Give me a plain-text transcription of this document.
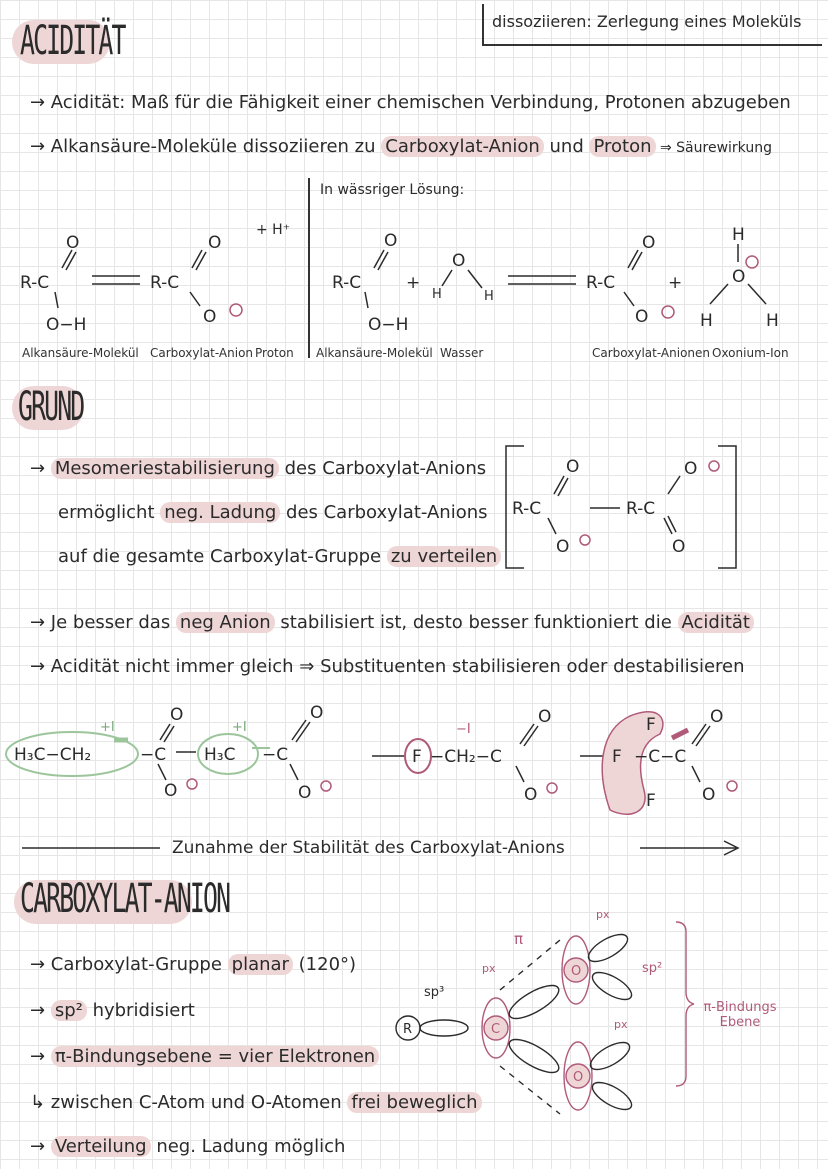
dissoziieren: Zerlegung eines Moleküls
ACIDITÄT
→ Acidität: Maß für die Fähigkeit einer chemischen Verbindung, Protonen abzugeben
→ Alkansäure-Moleküle dissoziieren zu Carboxylat-Anion und Proton ⇒ Säurewirkung
In wässriger Lösung:
R-C
O
O−H
R-C
O
O
R-C
O
+
O−H
H
O
H
R-C
O
O
+
H
O
H	H
+ H⁺
Alkansäure-Molekül Carboxylat-Anion Proton Alkansäure-Molekül Wasser	Carboxylat-Anionen Oxonium-Ion
GRUND
→ Mesomeriestabilisierung des Carboxylat-Anions
ermöglicht neg. Ladung des Carboxylat-Anions
auf die gesamte Carboxylat-Gruppe zu verteilen
R-C
O
O
R-C
O
O
→ Je besser das neg Anion stabilisiert ist, desto besser funktioniert die Acidität
→ Acidität nicht immer gleich ⇒ Substituenten stabilisieren oder destabilisieren
H₃C−CH₂	−C
O
O
H₃C −C
O
O
F −CH₂−C
O
O
F
F
F
−C−C
O
O
+I	+I	−I
Zunahme der Stabilität des Carboxylat-Anions
CARBOXYLAT-ANION
→ Carboxylat-Gruppe planar (120°)
→ sp² hybridisiert
→ π-Bindungsebene = vier Elektronen
↳ zwischen C-Atom und O-Atomen frei beweglich
→ Verteilung neg. Ladung möglich
R	C
O
O
sp³
px
px
px
π
sp²
π-Bindungs Ebene
